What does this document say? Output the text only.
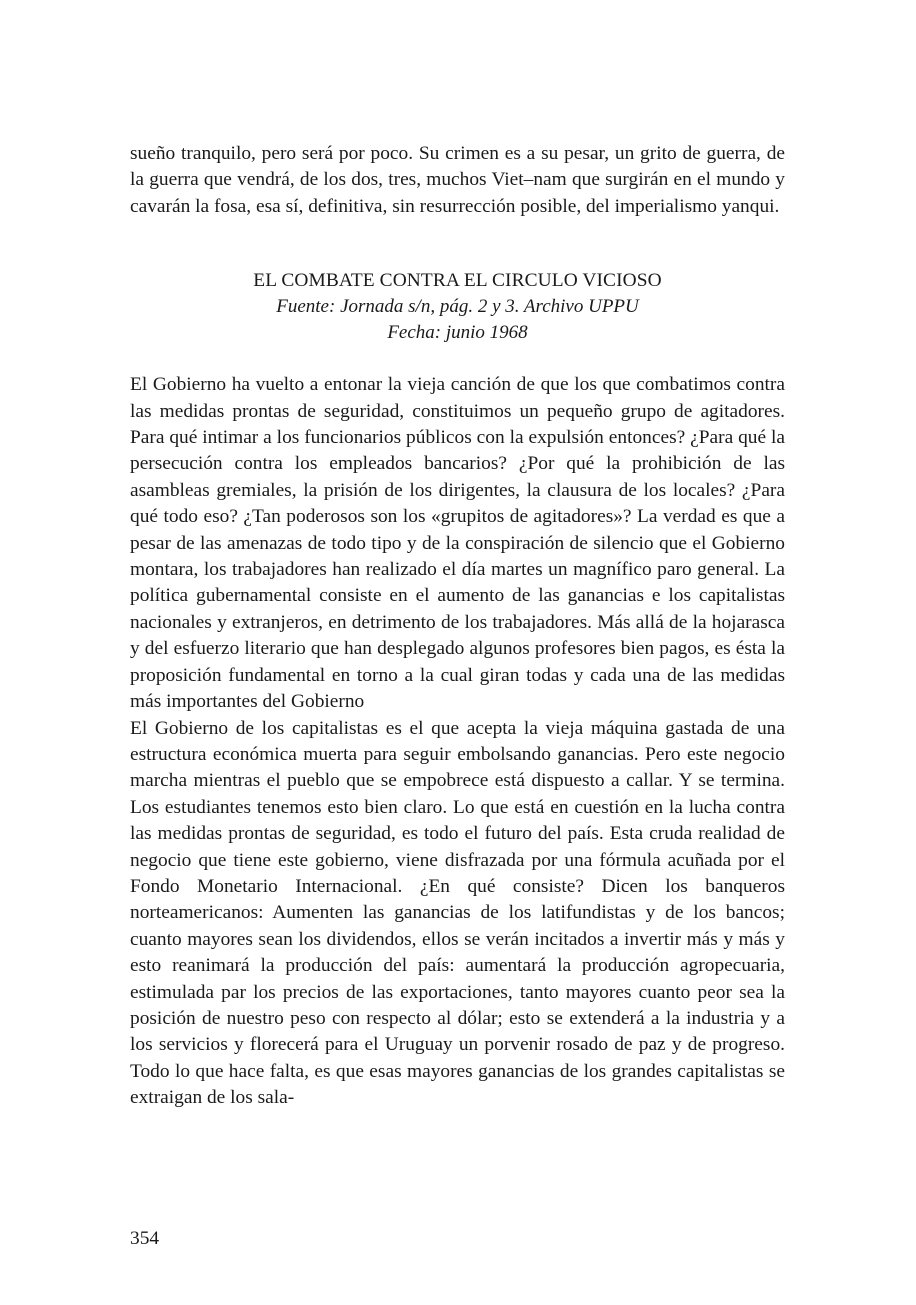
sueño tranquilo, pero será por poco. Su crimen es a su pesar, un grito de guerra, de la guerra que vendrá, de los dos, tres, muchos Viet–nam que surgirán en el mundo y cavarán la fosa, esa sí, definitiva, sin resurrección posible, del imperialismo yanqui.

EL COMBATE CONTRA EL CIRCULO VICIOSO

Fuente: Jornada s/n, pág. 2 y 3. Archivo UPPU

Fecha: junio 1968

El Gobierno ha vuelto a entonar la vieja canción de que los que combatimos contra las medidas prontas de seguridad, constituimos un pequeño grupo de agitadores. Para qué intimar a los funcionarios públicos con la expulsión entonces? ¿Para qué la persecución contra los empleados bancarios? ¿Por qué la prohibición de las asambleas gremiales, la prisión de los dirigentes, la clausura de los locales? ¿Para qué todo eso? ¿Tan poderosos son los «grupitos de agitadores»? La verdad es que a pesar de las amenazas de todo tipo y de la conspiración de silencio que el Gobierno montara, los trabajadores han realizado el día martes un magnífico paro general. La política gubernamental consiste en el aumento de las ganancias e los capitalistas nacionales y extranjeros, en detrimento de los trabajadores. Más allá de la hojarasca y del esfuerzo literario que han desplegado algunos profesores bien pagos, es ésta la proposición fundamental en torno a la cual giran todas y cada una de las medidas más importantes del Gobierno

El Gobierno de los capitalistas es el que acepta la vieja máquina gastada de una estructura económica muerta para seguir embolsando ganancias. Pero este negocio marcha mientras el pueblo que se empobrece está dispuesto a callar. Y se termina. Los estudiantes tenemos esto bien claro. Lo que está en cuestión en la lucha contra las medidas prontas de seguridad, es todo el futuro del país. Esta cruda realidad de negocio que tiene este gobierno, viene disfrazada por una fórmula acuñada por el Fondo Monetario Internacional. ¿En qué consiste? Dicen los banqueros norteamericanos: Aumenten las ganancias de los latifundistas y de los bancos; cuanto mayores sean los dividendos, ellos se verán incitados a invertir más y más y esto reanimará la producción del país: aumentará la producción agropecuaria, estimulada par los precios de las exportaciones, tanto mayores cuanto peor sea la posición de nuestro peso con respecto al dólar; esto se extenderá a la industria y a los servicios y florecerá para el Uruguay un porvenir rosado de paz y de progreso. Todo lo que hace falta, es que esas mayores ganancias de los grandes capitalistas se extraigan de los sala-

354
